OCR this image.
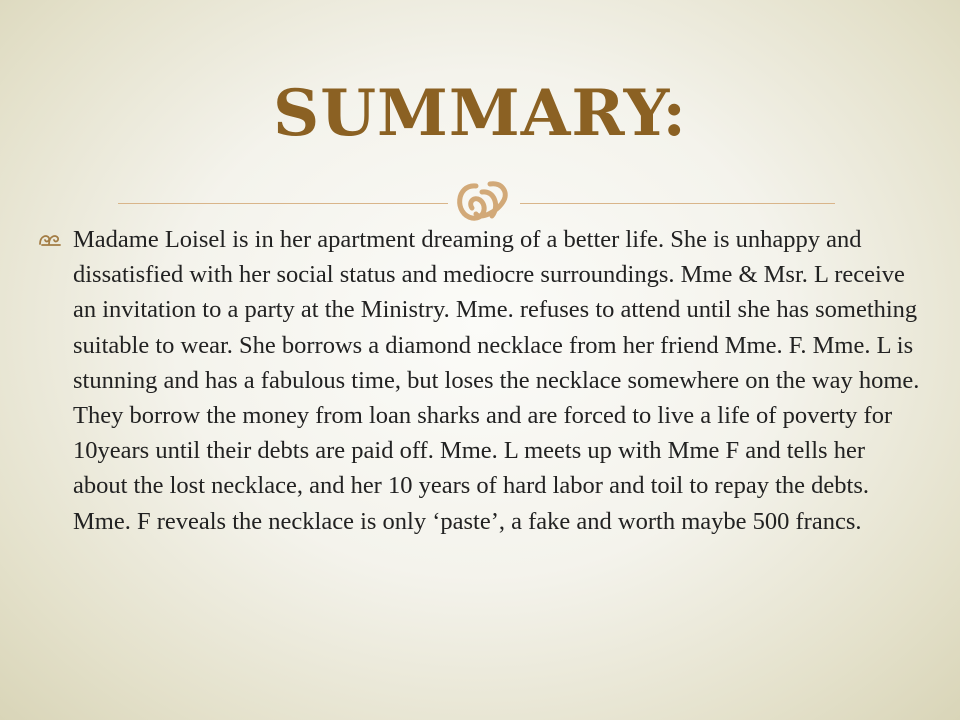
SUMMARY:

Madame Loisel is in her apartment dreaming of a better life. She is unhappy and dissatisfied with her social status and mediocre surroundings. Mme & Msr. L receive an invitation to a party at the Ministry. Mme. refuses to attend until she has something suitable to wear. She borrows a diamond necklace from her friend Mme. F. Mme. L is stunning and has a fabulous time, but loses the necklace somewhere on the way home. They borrow the money from loan sharks and are forced to live a life of poverty for 10years until their debts are paid off. Mme. L meets up with Mme F and tells her about the lost necklace, and her 10 years of hard labor and toil to repay the debts. Mme. F reveals the necklace is only ‘paste’, a fake and worth maybe 500 francs.
